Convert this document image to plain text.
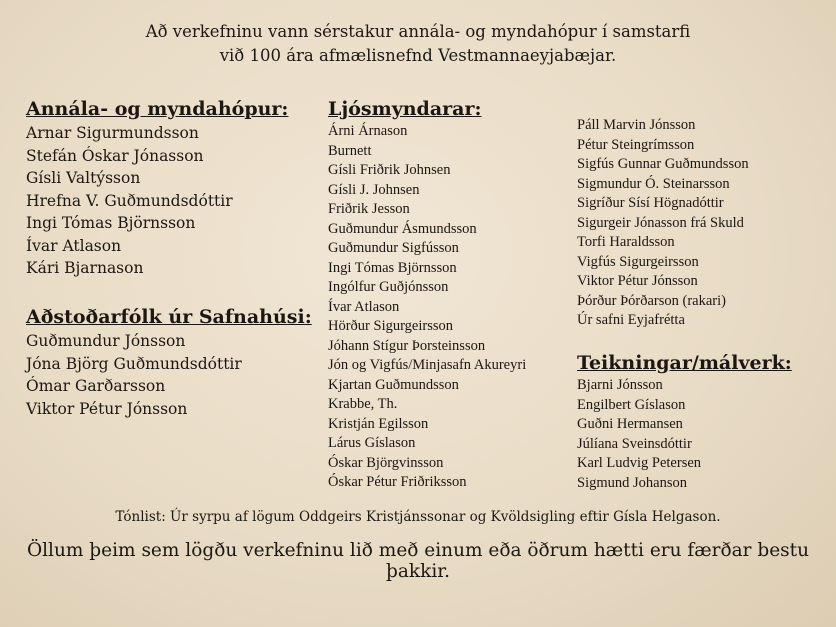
Að verkefninu vann sérstakur annála- og myndahópur í samstarfi
við 100 ára afmælisnefnd Vestmannaeyjabæjar.
Annála- og myndahópur:
Arnar Sigurmundsson
Stefán Óskar Jónasson
Gísli Valtýsson
Hrefna V. Guðmundsdóttir
Ingi Tómas Björnsson
Ívar Atlason
Kári Bjarnason
Aðstoðarfólk úr Safnahúsi:
Guðmundur Jónsson
Jóna Björg Guðmundsdóttir
Ómar Garðarsson
Viktor Pétur Jónsson
Ljósmyndarar:
Árni Árnason
Burnett
Gísli Friðrik Johnsen
Gísli J. Johnsen
Friðrik Jesson
Guðmundur Ásmundsson
Guðmundur Sigfússon
Ingi Tómas Björnsson
Ingólfur Guðjónsson
Ívar Atlason
Hörður Sigurgeirsson
Jóhann Stígur Þorsteinsson
Jón og Vigfús/Minjasafn Akureyri
Kjartan Guðmundsson
Krabbe, Th.
Kristján Egilsson
Lárus Gíslason
Óskar Björgvinsson
Óskar Pétur Friðriksson
Páll Marvin Jónsson
Pétur Steingrímsson
Sigfús Gunnar Guðmundsson
Sigmundur Ó. Steinarsson
Sigríður Sísí Högnadóttir
Sigurgeir Jónasson frá Skuld
Torfi Haraldsson
Vigfús Sigurgeirsson
Viktor Pétur Jónsson
Þórður Þórðarson (rakari)
Úr safni Eyjafrétta
Teikningar/málverk:
Bjarni Jónsson
Engilbert Gíslason
Guðni Hermansen
Júlíana Sveinsdóttir
Karl Ludvig Petersen
Sigmund Johanson
Tónlist: Úr syrpu af lögum Oddgeirs Kristjánssonar og Kvöldsigling eftir Gísla Helgason.
Öllum þeim sem lögðu verkefninu lið með einum eða öðrum hætti eru færðar bestu þakkir.
